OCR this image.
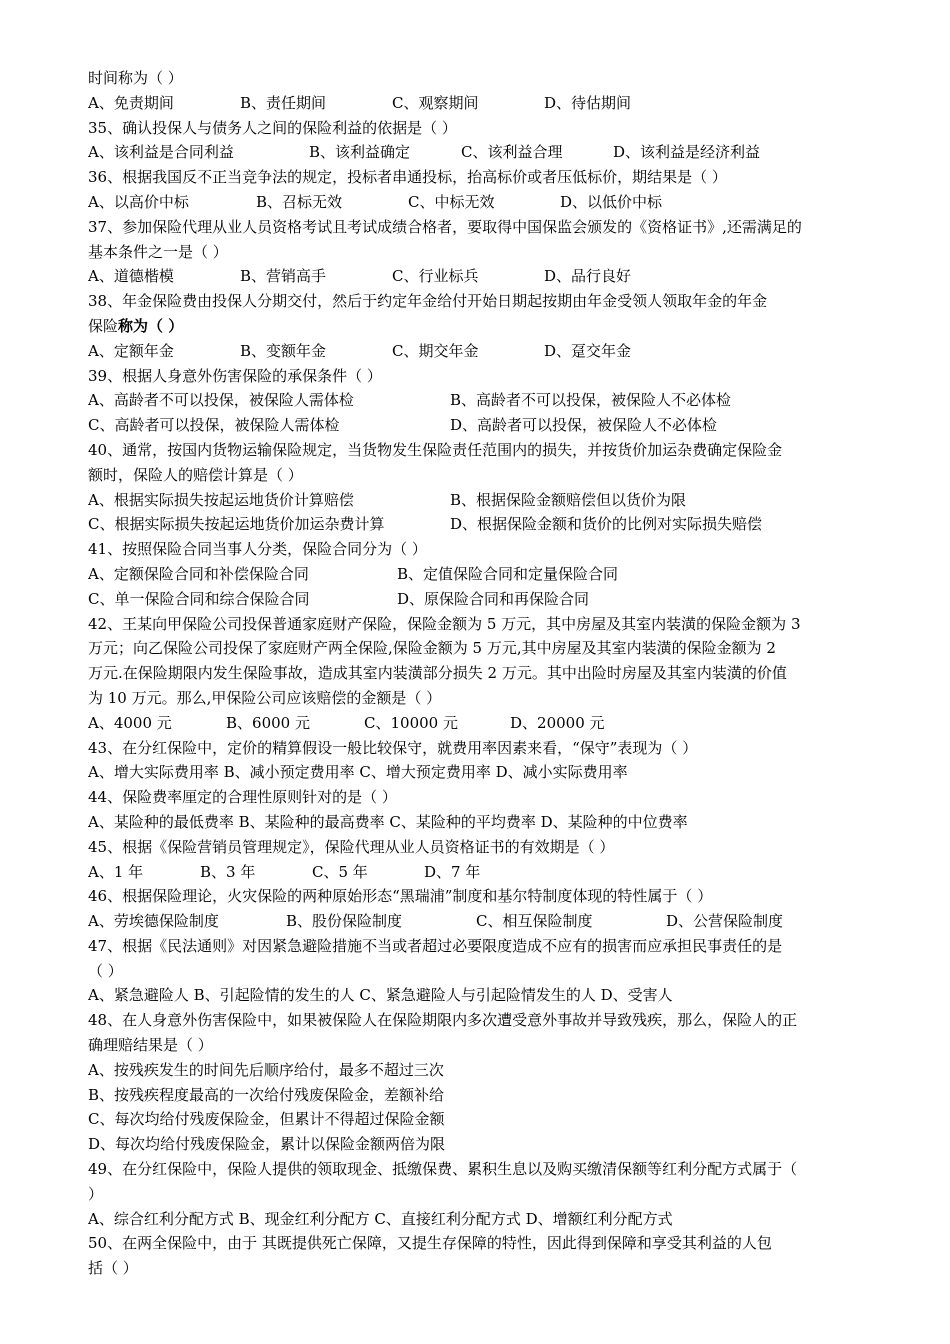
时间称为（ ）
A、免责期间	B、责任期间	C、观察期间	D、待估期间
35、确认投保人与债务人之间的保险利益的依据是（ ）
A、该利益是合同利益	B、该利益确定	C、该利益合理	D、该利益是经济利益
36、根据我国反不正当竞争法的规定，投标者串通投标，抬高标价或者压低标价，期结果是（ ）
A、以高价中标	B、召标无效	C、中标无效	D、以低价中标
37、参加保险代理从业人员资格考试且考试成绩合格者，要取得中国保监会颁发的《资格证书》,还需满足的
基本条件之一是（ ）
A、道德楷模	B、营销高手	C、行业标兵	D、品行良好
38、年金保险费由投保人分期交付，然后于约定年金给付开始日期起按期由年金受领人领取年金的年金
保险称为（ ）
A、定额年金	B、变额年金	C、期交年金	D、趸交年金
39、根据人身意外伤害保险的承保条件（ ）
A、高龄者不可以投保，被保险人需体检	B、高龄者不可以投保，被保险人不必体检
C、高龄者可以投保，被保险人需体检	D、高龄者可以投保，被保险人不必体检
40、通常，按国内货物运输保险规定，当货物发生保险责任范围内的损失，并按货价加运杂费确定保险金
额时，保险人的赔偿计算是（ ）
A、根据实际损失按起运地货价计算赔偿	B、根据保险金额赔偿但以货价为限
C、根据实际损失按起运地货价加运杂费计算	D、根据保险金额和货价的比例对实际损失赔偿
41、按照保险合同当事人分类，保险合同分为（ ）
A、定额保险合同和补偿保险合同	B、定值保险合同和定量保险合同
C、单一保险合同和综合保险合同	D、原保险合同和再保险合同
42、王某向甲保险公司投保普通家庭财产保险，保险金额为 5 万元，其中房屋及其室内装潢的保险金额为 3
万元；向乙保险公司投保了家庭财产两全保险,保险金额为 5 万元,其中房屋及其室内装潢的保险金额为 2
万元.在保险期限内发生保险事故，造成其室内装潢部分损失 2 万元。其中出险时房屋及其室内装潢的价值
为 10 万元。那么,甲保险公司应该赔偿的金额是（ ）
A、4000 元	B、6000 元	C、10000 元	D、20000 元
43、在分红保险中，定价的精算假设一般比较保守，就费用率因素来看，“保守”表现为（ ）
A、增大实际费用率 B、减小预定费用率 C、增大预定费用率 D、减小实际费用率
44、保险费率厘定的合理性原则针对的是（ ）
A、某险种的最低费率 B、某险种的最高费率 C、某险种的平均费率 D、某险种的中位费率
45、根据《保险营销员管理规定》，保险代理从业人员资格证书的有效期是（ ）
A、1 年	B、3 年	C、5 年	D、7 年
46、根据保险理论，火灾保险的两种原始形态“黑瑞浦”制度和基尔特制度体现的特性属于（ ）
A、劳埃德保险制度	B、股份保险制度	C、相互保险制度	D、公营保险制度
47、根据《民法通则》对因紧急避险措施不当或者超过必要限度造成不应有的损害而应承担民事责任的是
（ ）
A、紧急避险人 B、引起险情的发生的人 C、紧急避险人与引起险情发生的人 D、受害人
48、在人身意外伤害保险中，如果被保险人在保险期限内多次遭受意外事故并导致残疾，那么，保险人的正
确理赔结果是（ ）
A、按残疾发生的时间先后顺序给付，最多不超过三次
B、按残疾程度最高的一次给付残废保险金，差额补给
C、每次均给付残废保险金，但累计不得超过保险金额
D、每次均给付残废保险金，累计以保险金额两倍为限
49、在分红保险中，保险人提供的领取现金、抵缴保费、累积生息以及购买缴清保额等红利分配方式属于（
）
A、综合红利分配方式 B、现金红利分配方 C、直接红利分配方式 D、增额红利分配方式
50、在两全保险中，由于 其既提供死亡保障，又提生存保障的特性，因此得到保障和享受其利益的人包
括（ ）
